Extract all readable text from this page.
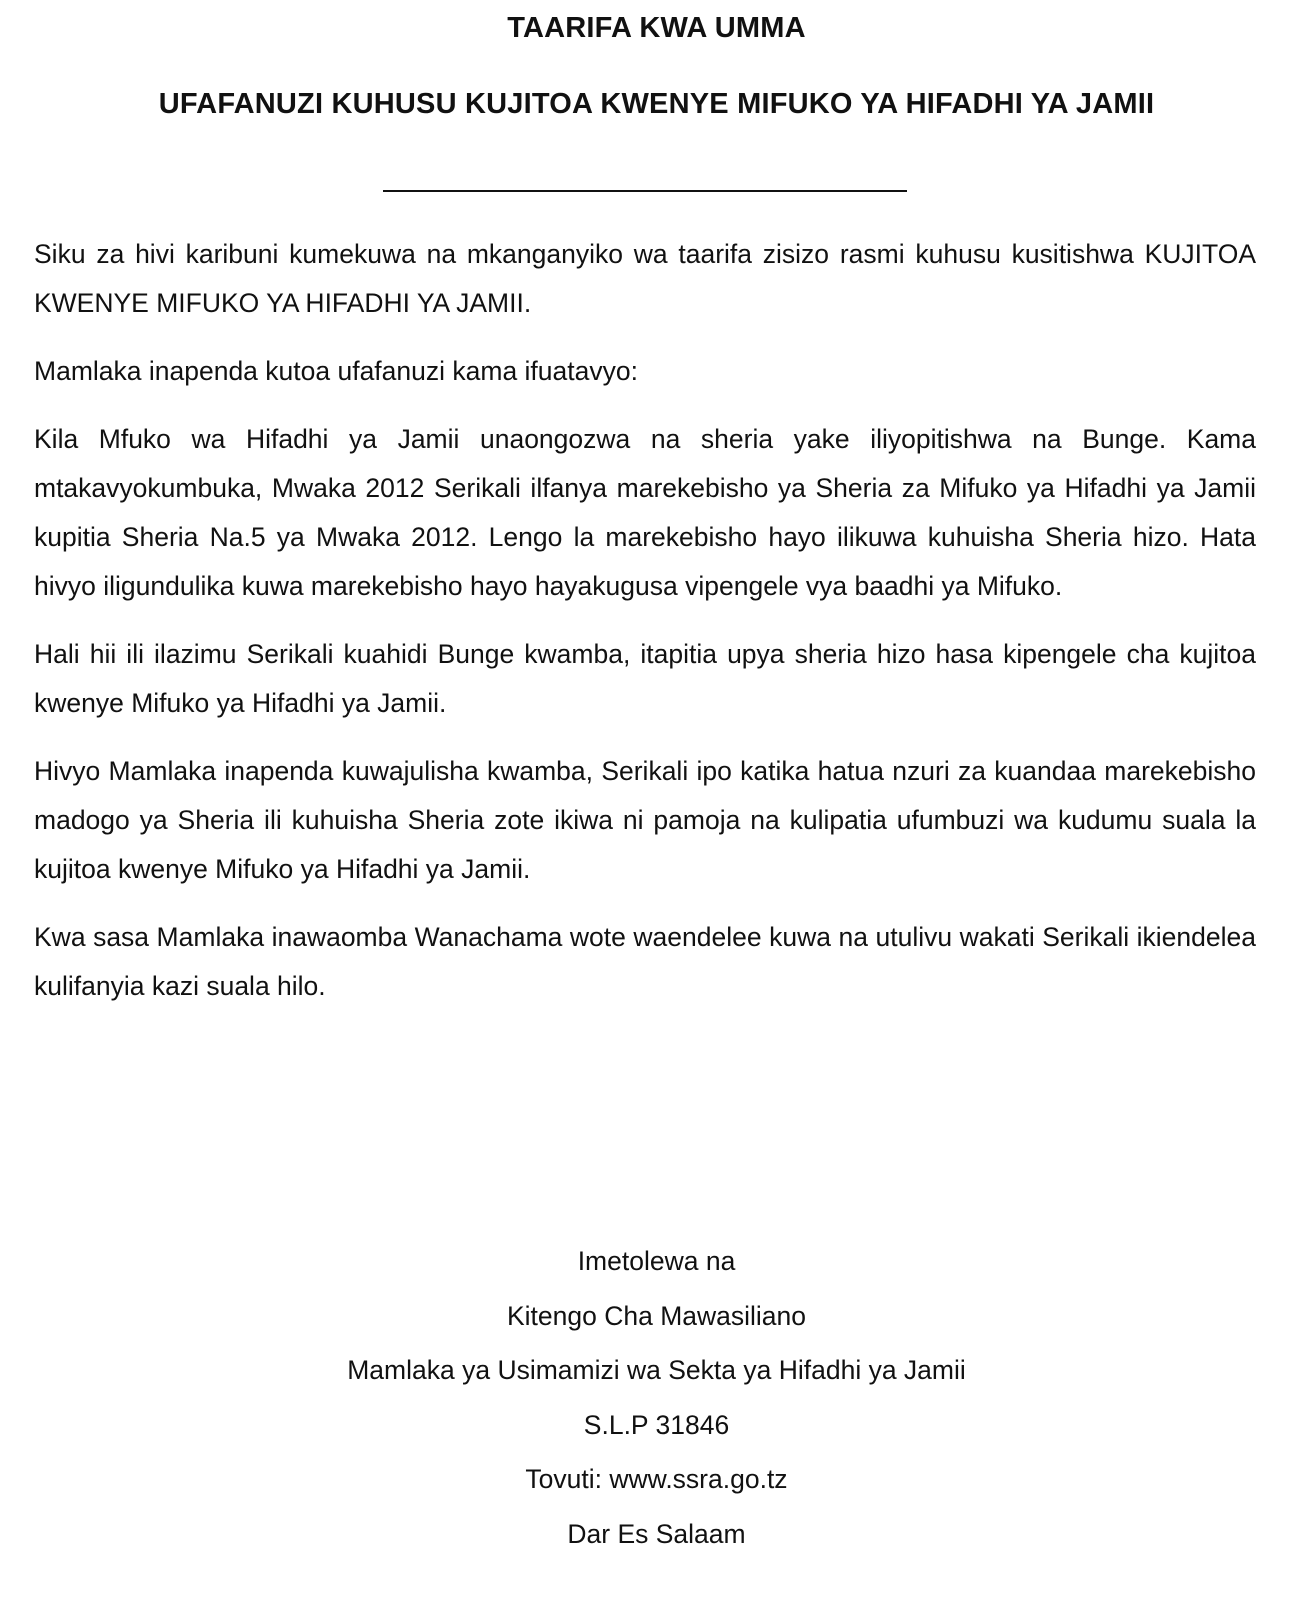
TAARIFA KWA UMMA
UFAFANUZI KUHUSU KUJITOA KWENYE MIFUKO YA HIFADHI YA JAMII

Siku za hivi karibuni kumekuwa na mkanganyiko wa taarifa zisizo rasmi kuhusu kusitishwa KUJITOA KWENYE MIFUKO YA HIFADHI YA JAMII.

Mamlaka inapenda kutoa ufafanuzi kama ifuatavyo:

Kila Mfuko wa Hifadhi ya Jamii unaongozwa na sheria yake iliyopitishwa na Bunge. Kama mtakavyokumbuka, Mwaka 2012 Serikali ilfanya marekebisho ya Sheria za Mifuko ya Hifadhi ya Jamii kupitia Sheria Na.5 ya Mwaka 2012. Lengo la marekebisho hayo ilikuwa kuhuisha Sheria hizo. Hata hivyo iligundulika kuwa marekebisho hayo hayakugusa vipengele vya baadhi ya Mifuko.

Hali hii ili ilazimu Serikali kuahidi Bunge kwamba, itapitia upya sheria hizo hasa kipengele cha kujitoa kwenye Mifuko ya Hifadhi ya Jamii.

Hivyo Mamlaka inapenda kuwajulisha kwamba, Serikali ipo katika hatua nzuri za kuandaa marekebisho madogo ya Sheria ili kuhuisha Sheria zote ikiwa ni pamoja na kulipatia ufumbuzi wa kudumu suala la kujitoa kwenye Mifuko ya Hifadhi ya Jamii.

Kwa sasa Mamlaka inawaomba Wanachama wote waendelee kuwa na utulivu wakati Serikali ikiendelea kulifanyia kazi suala hilo.

Imetolewa na
Kitengo Cha Mawasiliano
Mamlaka ya Usimamizi wa Sekta ya Hifadhi ya Jamii
S.L.P 31846
Tovuti: www.ssra.go.tz
Dar Es Salaam
